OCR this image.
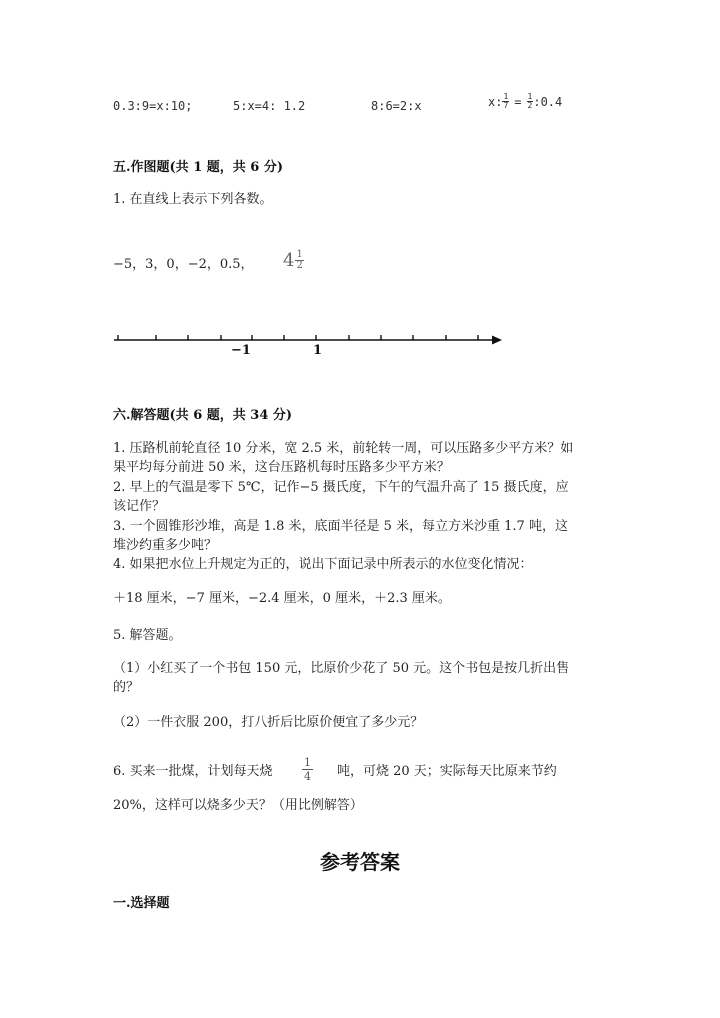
0.3:9=x:10;	5:x=4: 1.2	8:6=2:x	x: $\frac{1}{7} = \frac{1}{2}$ :0.4
五.作图题(共 1 题，共 6 分)
1. 在直线上表示下列各数。
−5，3，0，−2，0.5， $4 \frac{1}{2}$
−1	1
六.解答题(共 6 题，共 34 分)
1. 压路机前轮直径 10 分米，宽 2.5 米，前轮转一周，可以压路多少平方米？如
果平均每分前进 50 米，这台压路机每时压路多少平方米？
2. 早上的气温是零下 5℃，记作−5 摄氏度，下午的气温升高了 15 摄氏度，应
该记作？
3. 一个圆锥形沙堆，高是 1.8 米，底面半径是 5 米，每立方米沙重 1.7 吨，这
堆沙约重多少吨？
4. 如果把水位上升规定为正的，说出下面记录中所表示的水位变化情况：
＋18 厘米，−7 厘米，−2.4 厘米，0 厘米，＋2.3 厘米。
5. 解答题。
（1）小红买了一个书包 150 元，比原价少花了 50 元。这个书包是按几折出售
的？
（2）一件衣服 200，打八折后比原价便宜了多少元？
6. 买来一批煤，计划每天烧	$\frac{1}{4}$ 吨，可烧 20 天；实际每天比原来节约
20%，这样可以烧多少天？（用比例解答）
参考答案
一.选择题
